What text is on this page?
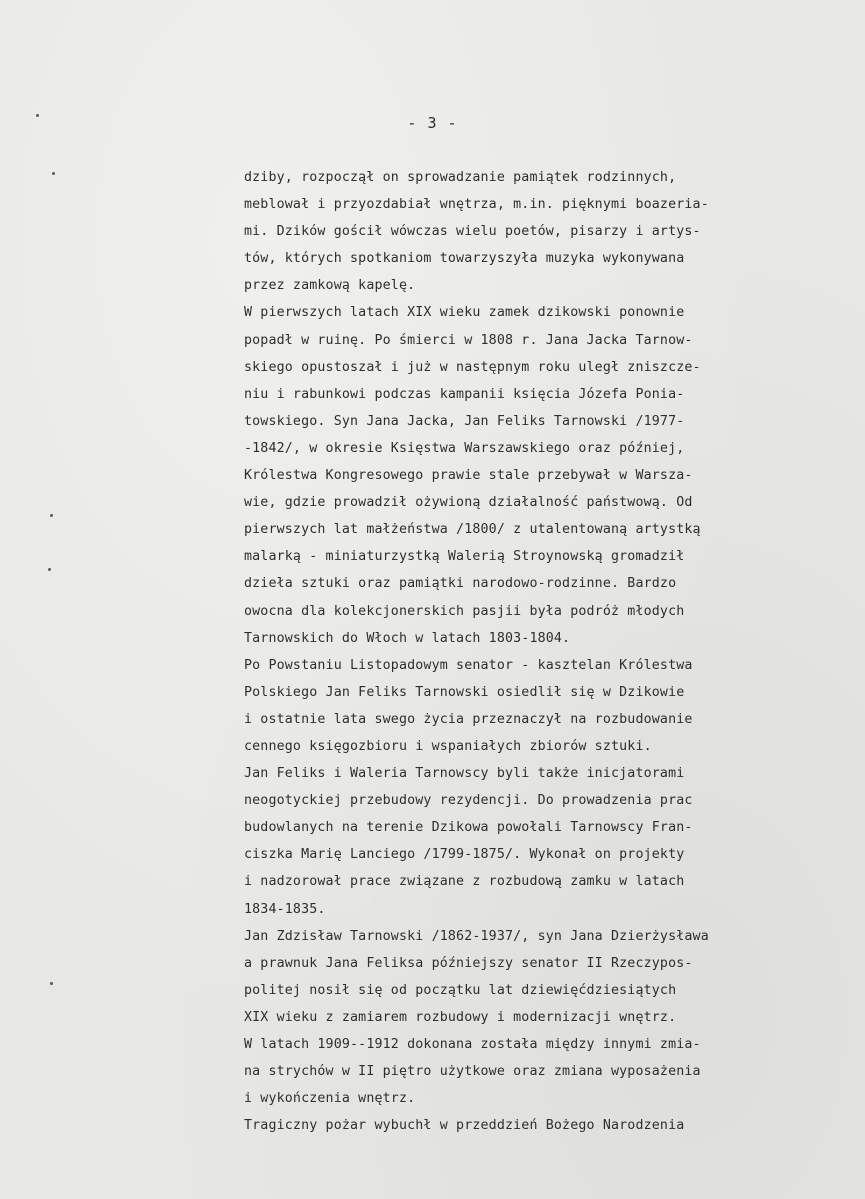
- 3 -
dziby, rozpoczął on sprowadzanie pamiątek rodzinnych,
meblował i przyozdabiał wnętrza, m.in. pięknymi boazeria-
mi. Dzików gościł wówczas wielu poetów, pisarzy i artys-
tów, których spotkaniom towarzyszyła muzyka wykonywana
przez zamkową kapelę.
W pierwszych latach XIX wieku zamek dzikowski ponownie
popadł w ruinę. Po śmierci w 1808 r. Jana Jacka Tarnow-
skiego opustoszał i już w następnym roku uległ zniszcze-
niu i rabunkowi podczas kampanii księcia Józefa Ponia-
towskiego. Syn Jana Jacka, Jan Feliks Tarnowski /1977-
-1842/, w okresie Księstwa Warszawskiego oraz później,
Królestwa Kongresowego prawie stale przebywał w Warsza-
wie, gdzie prowadził ożywioną działalność państwową. Od
pierwszych lat małżeństwa /1800/ z utalentowaną artystką
malarką - miniaturzystką Walerią Stroynowską gromadził
dzieła sztuki oraz pamiątki narodowo-rodzinne. Bardzo
owocna dla kolekcjonerskich pasjii była podróż młodych
Tarnowskich do Włoch w latach 1803-1804.
Po Powstaniu Listopadowym senator - kasztelan Królestwa
Polskiego Jan Feliks Tarnowski osiedlił się w Dzikowie
i ostatnie lata swego życia przeznaczył na rozbudowanie
cennego księgozbioru i wspaniałych zbiorów sztuki.
Jan Feliks i Waleria Tarnowscy byli także inicjatorami
neogotyckiej przebudowy rezydencji. Do prowadzenia prac
budowlanych na terenie Dzikowa powołali Tarnowscy Fran-
ciszka Marię Lanciego /1799-1875/. Wykonał on projekty
i nadzorował prace związane z rozbudową zamku w latach
1834-1835.
Jan Zdzisław Tarnowski /1862-1937/, syn Jana Dzierżysława
a prawnuk Jana Feliksa późniejszy senator II Rzeczypos-
politej nosił się od początku lat dziewięćdziesiątych
XIX wieku z zamiarem rozbudowy i modernizacji wnętrz.
W latach 1909--1912 dokonana została między innymi zmia-
na strychów w II piętro użytkowe oraz zmiana wyposażenia
i wykończenia wnętrz.
Tragiczny pożar wybuchł w przeddzień Bożego Narodzenia
